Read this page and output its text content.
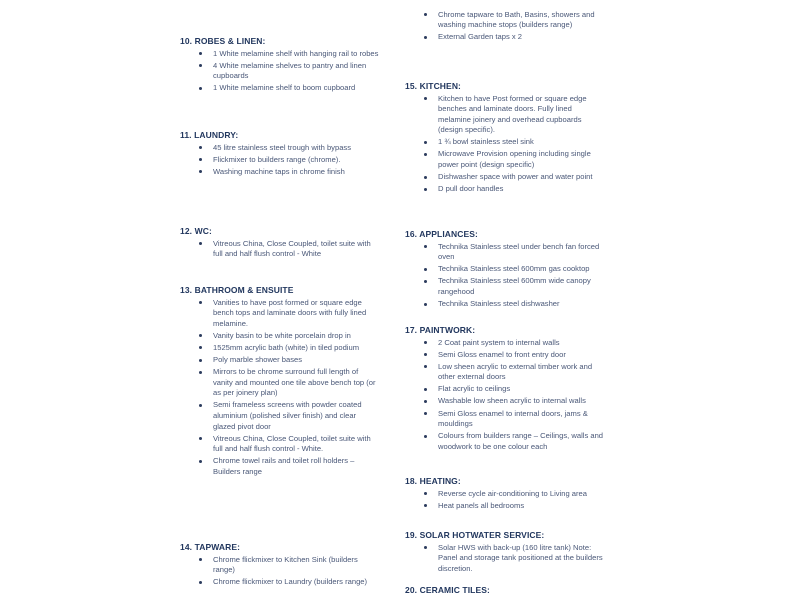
10. ROBES & LINEN:
1 White melamine shelf with hanging rail to robes
4 White melamine shelves to pantry and linen cupboards
1 White melamine shelf to boom cupboard
11. LAUNDRY:
45 litre stainless steel trough with bypass
Flickmixer to builders range (chrome).
Washing machine taps in chrome finish
12. WC:
Vitreous China, Close Coupled, toilet suite with full and half flush control - White
13. BATHROOM & ENSUITE
Vanities to have post formed or square edge bench tops and laminate doors with fully lined melamine.
Vanity basin to be white porcelain drop in
1525mm acrylic bath (white) in tiled podium
Poly marble shower bases
Mirrors to be chrome surround full length of vanity and mounted one tile above bench top (or as per joinery plan)
Semi frameless screens with powder coated aluminium (polished silver finish) and clear glazed pivot door
Vitreous China, Close Coupled, toilet suite with full and half flush control - White.
Chrome towel rails and toilet roll holders – Builders range
14. TAPWARE:
Chrome flickmixer to Kitchen Sink (builders range)
Chrome flickmixer to Laundry (builders range)
Chrome tapware to Bath, Basins, showers and washing machine stops (builders range)
External Garden taps x 2
15. KITCHEN:
Kitchen to have Post formed or square edge benches and laminate doors. Fully lined melamine joinery and overhead cupboards (design specific).
1 ¾ bowl stainless steel sink
Microwave Provision opening including single power point (design specific)
Dishwasher space with power and water point
D pull door handles
16. APPLIANCES:
Technika Stainless steel under bench fan forced oven
Technika Stainless steel 600mm gas cooktop
Technika Stainless steel 600mm wide canopy rangehood
Technika Stainless steel dishwasher
17. PAINTWORK:
2 Coat paint system to internal walls
Semi Gloss enamel to front entry door
Low sheen acrylic to external timber work and other external doors
Flat acrylic to ceilings
Washable low sheen acrylic to internal walls
Semi Gloss enamel to internal doors, jams & mouldings
Colours from builders range – Ceilings, walls and woodwork to be one colour each
18. HEATING:
Reverse cycle air-conditioning to Living area
Heat panels all bedrooms
19. SOLAR HOTWATER SERVICE:
Solar HWS with back-up (160 litre tank) Note: Panel and storage tank positioned at the builders discretion.
20. CERAMIC TILES:
